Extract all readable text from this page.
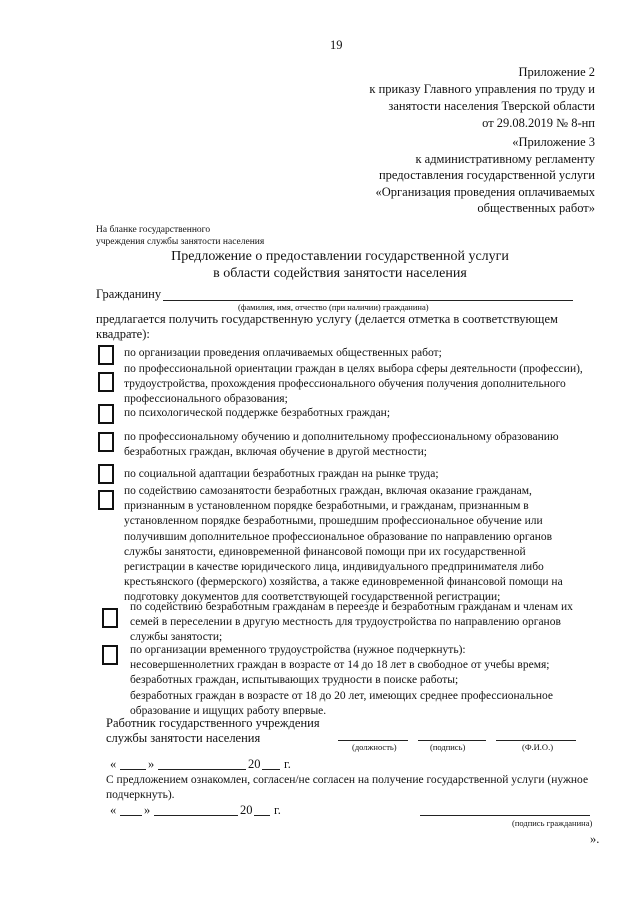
19
Приложение 2
к приказу Главного управления по труду и
занятости населения Тверской области
от 29.08.2019 № 8-нп
«Приложение 3
к административному регламенту
предоставления государственной услуги
«Организация проведения оплачиваемых
общественных работ»
На бланке государственного
учреждения службы занятости населения
Предложение о предоставлении государственной услуги
в области содействия занятости населения
Гражданину
(фамилия, имя, отчество (при наличии) гражданина)
предлагается получить государственную услугу (делается отметка в соответствующем
квадрате):
по организации проведения оплачиваемых общественных работ;
по профессиональной ориентации граждан в целях выбора сферы деятельности (профессии),
трудоустройства, прохождения профессионального обучения получения дополнительного
профессионального образования;
по психологической поддержке безработных граждан;
по профессиональному обучению и дополнительному профессиональному образованию
безработных граждан, включая обучение в другой местности;
по социальной адаптации безработных граждан на рынке труда;
по содействию самозанятости безработных граждан, включая оказание гражданам,
признанным в установленном порядке безработными, и гражданам, признанным в
установленном порядке безработными, прошедшим профессиональное обучение или
получившим дополнительное профессиональное образование по направлению органов
службы занятости, единовременной финансовой помощи при их государственной
регистрации в качестве юридического лица, индивидуального предпринимателя либо
крестьянского (фермерского) хозяйства, а также единовременной финансовой помощи на
подготовку документов для соответствующей государственной регистрации;
по содействию безработным гражданам в переезде и безработным гражданам и членам их
семей в переселении в другую местность для трудоустройства по направлению органов
службы занятости;
по организации временного трудоустройства (нужное подчеркнуть):
несовершеннолетних граждан в возрасте от 14 до 18 лет в свободное от учебы время;
безработных граждан, испытывающих трудности в поиске работы;
безработных граждан в возрасте от 18 до 20 лет, имеющих среднее профессиональное
образование и ищущих работу впервые.
Работник государственного учреждения
службы занятости населения
(должность)	(подпись)	(Ф.И.О.)
«	»	20 г.
С предложением ознакомлен, согласен/не согласен на получение государственной услуги (нужное
подчеркнуть).
« »	20 г.
(подпись гражданина)
».
